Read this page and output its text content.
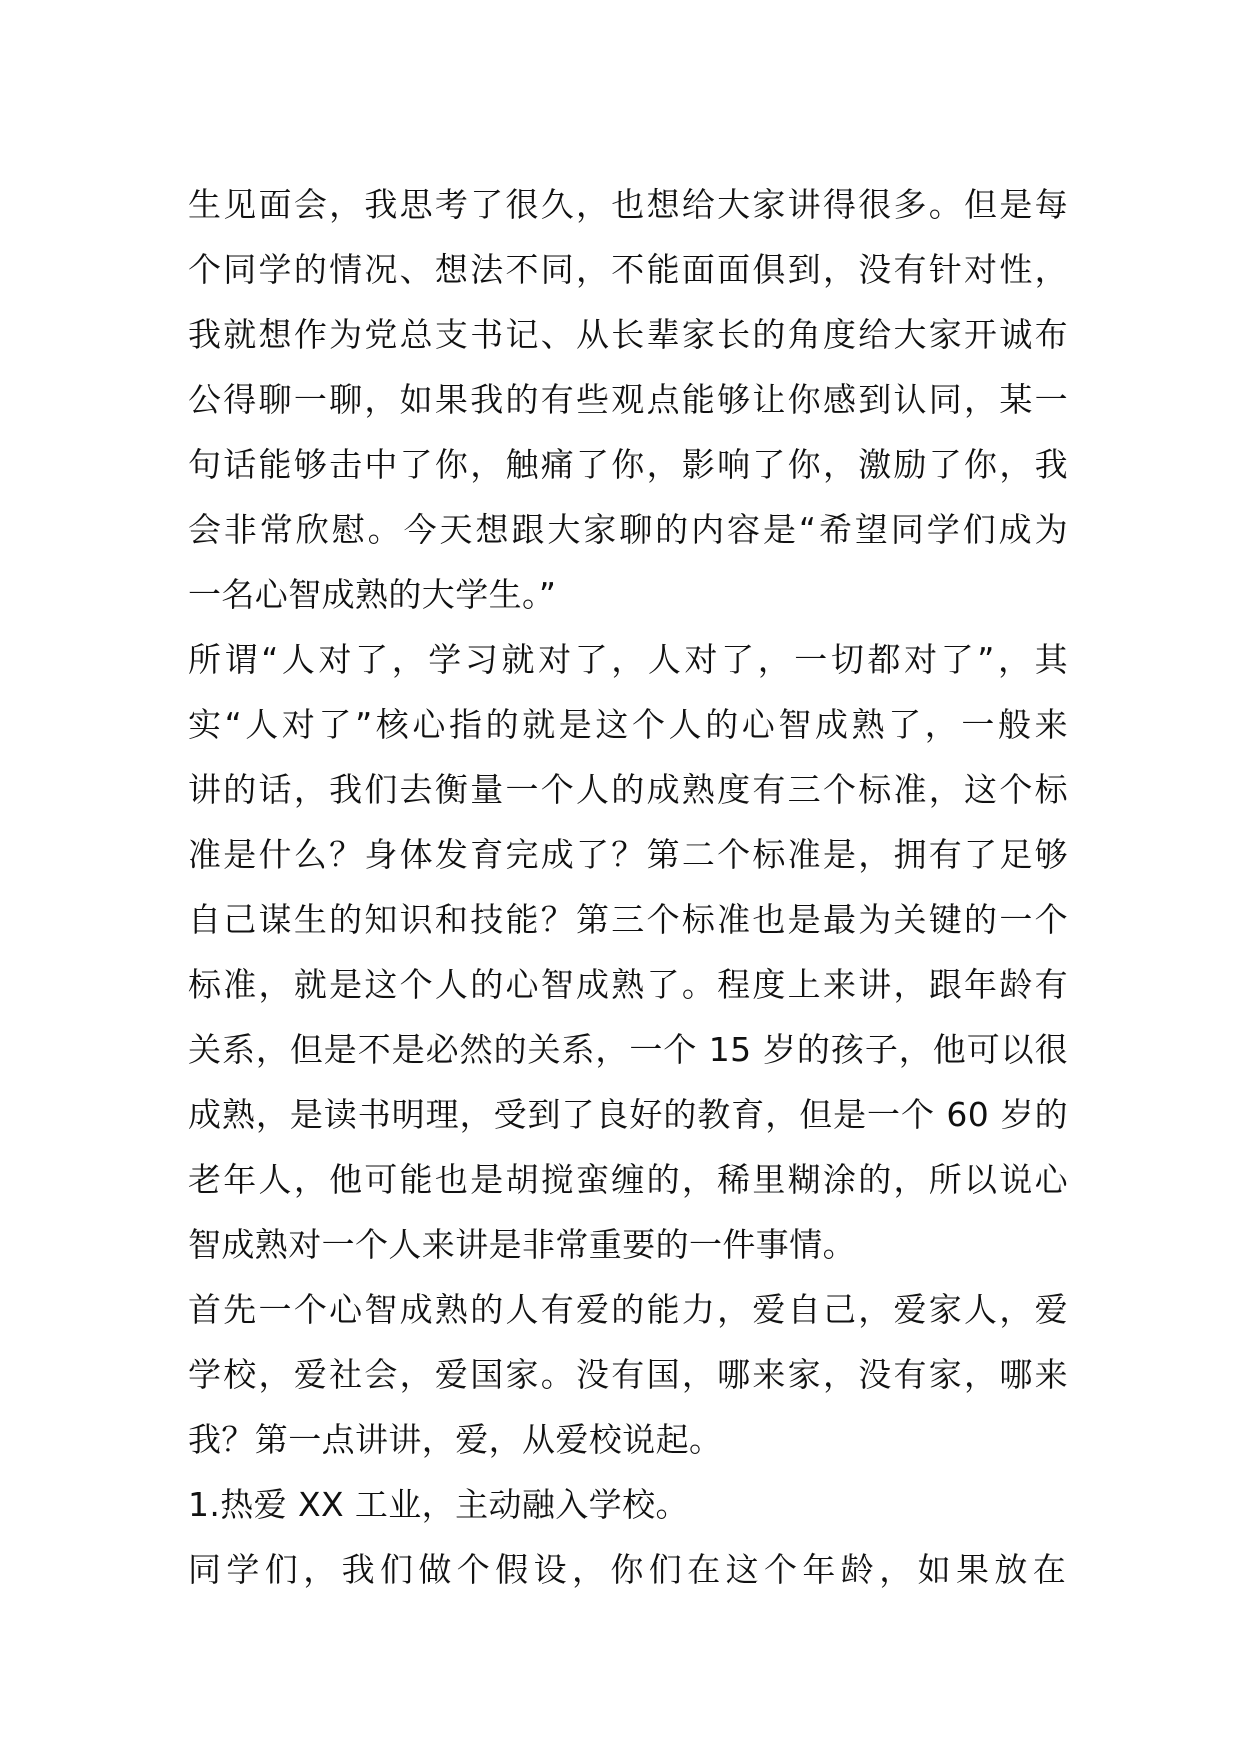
生见面会，我思考了很久，也想给大家讲得很多。但是每
个同学的情况、想法不同，不能面面俱到，没有针对性，
我就想作为党总支书记、从长辈家长的角度给大家开诚布
公得聊一聊，如果我的有些观点能够让你感到认同，某一
句话能够击中了你，触痛了你，影响了你，激励了你，我
会非常欣慰。今天想跟大家聊的内容是“希望同学们成为
一名心智成熟的大学生。”
所谓“人对了，学习就对了，人对了，一切都对了”，其
实“人对了”核心指的就是这个人的心智成熟了，一般来
讲的话，我们去衡量一个人的成熟度有三个标准，这个标
准是什么？身体发育完成了？第二个标准是，拥有了足够
自己谋生的知识和技能？第三个标准也是最为关键的一个
标准，就是这个人的心智成熟了。程度上来讲，跟年龄有
关系，但是不是必然的关系，一个 15 岁的孩子，他可以很
成熟，是读书明理，受到了良好的教育，但是一个 60 岁的
老年人，他可能也是胡搅蛮缠的，稀里糊涂的，所以说心
智成熟对一个人来讲是非常重要的一件事情。
首先一个心智成熟的人有爱的能力，爱自己，爱家人，爱
学校，爱社会，爱国家。没有国，哪来家，没有家，哪来
我？第一点讲讲，爱，从爱校说起。
1.热爱 XX 工业，主动融入学校。
同学们，我们做个假设，你们在这个年龄，如果放在
